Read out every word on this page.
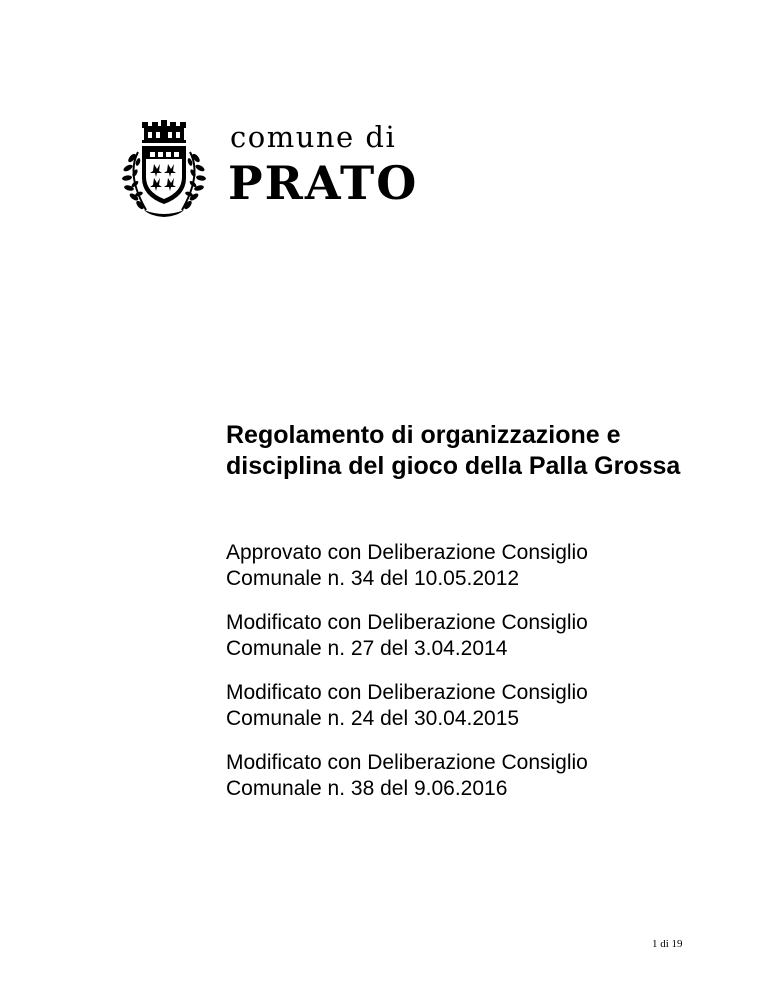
comune di
PRATO
Regolamento di organizzazione e disciplina del gioco della Palla Grossa

Approvato con Deliberazione Consiglio
Comunale n. 34 del 10.05.2012

Modificato con Deliberazione Consiglio
Comunale n. 27 del 3.04.2014

Modificato con Deliberazione Consiglio
Comunale n. 24 del 30.04.2015

Modificato con Deliberazione Consiglio
Comunale n. 38 del 9.06.2016

1 di 19
